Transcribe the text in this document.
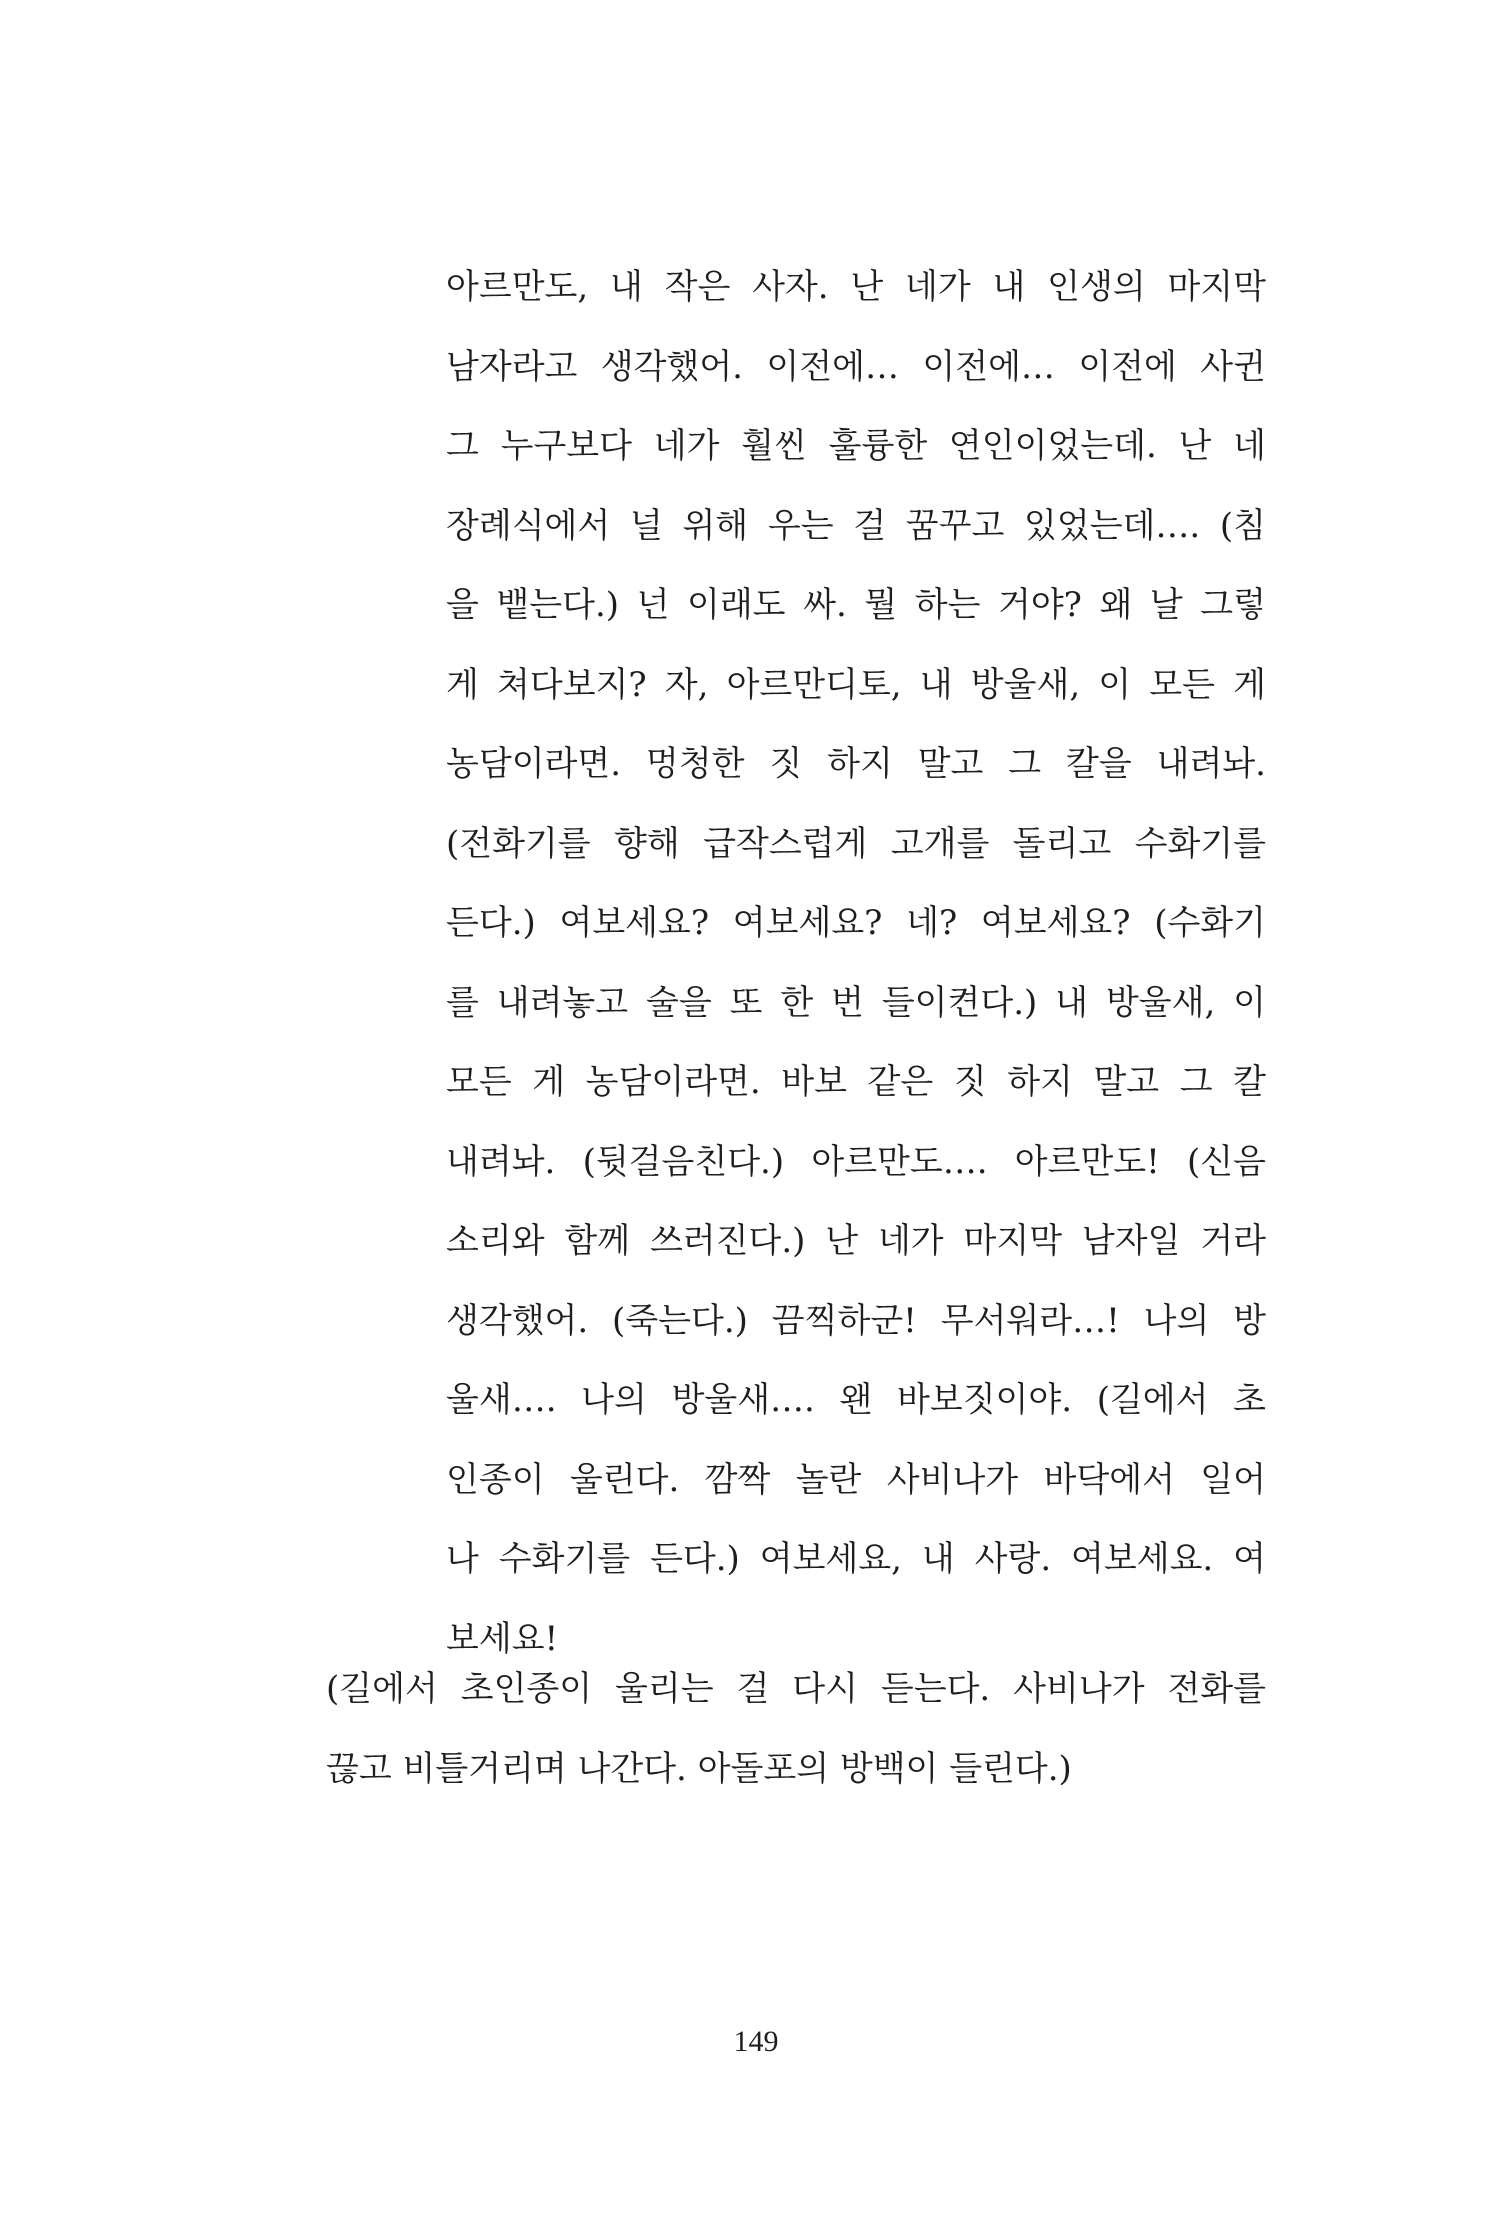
아르만도, 내 작은 사자. 난 네가 내 인생의 마지막
남자라고 생각했어. 이전에… 이전에… 이전에 사귄
그 누구보다 네가 훨씬 훌륭한 연인이었는데. 난 네
장례식에서 널 위해 우는 걸 꿈꾸고 있었는데…. (침
을 뱉는다.) 넌 이래도 싸. 뭘 하는 거야? 왜 날 그렇
게 쳐다보지? 자, 아르만디토, 내 방울새, 이 모든 게
농담이라면. 멍청한 짓 하지 말고 그 칼을 내려놔.
(전화기를 향해 급작스럽게 고개를 돌리고 수화기를
든다.) 여보세요? 여보세요? 네? 여보세요? (수화기
를 내려놓고 술을 또 한 번 들이켠다.) 내 방울새, 이
모든 게 농담이라면. 바보 같은 짓 하지 말고 그 칼
내려놔. (뒷걸음친다.) 아르만도…. 아르만도! (신음
소리와 함께 쓰러진다.) 난 네가 마지막 남자일 거라
생각했어. (죽는다.) 끔찍하군! 무서워라…! 나의 방
울새…. 나의 방울새…. 왠 바보짓이야. (길에서 초
인종이 울린다. 깜짝 놀란 사비나가 바닥에서 일어
나 수화기를 든다.) 여보세요, 내 사랑. 여보세요. 여
보세요!
(길에서 초인종이 울리는 걸 다시 듣는다. 사비나가 전화를
끊고 비틀거리며 나간다. 아돌포의 방백이 들린다.)
149
